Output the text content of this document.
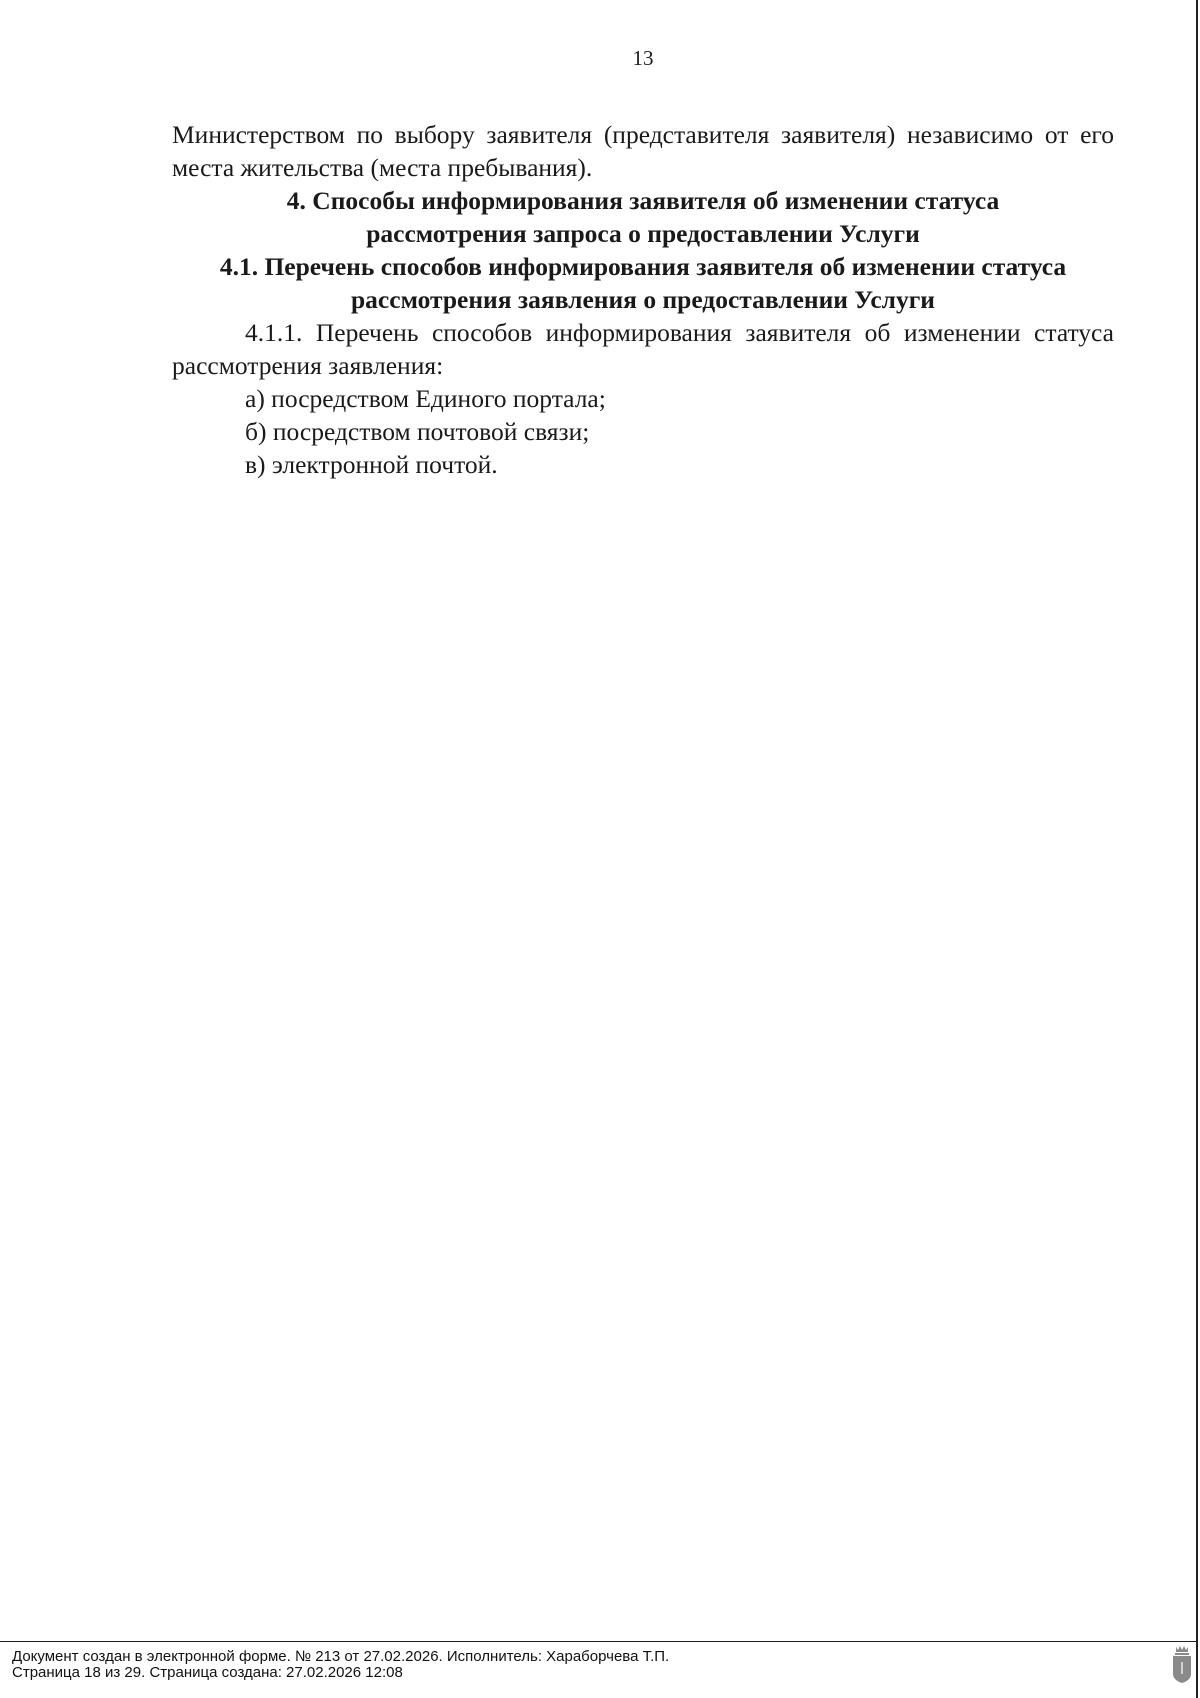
13

Министерством по выбору заявителя (представителя заявителя) независимо от его места жительства (места пребывания).

4. Способы информирования заявителя об изменении статуса рассмотрения запроса о предоставлении Услуги

4.1. Перечень способов информирования заявителя об изменении статуса рассмотрения заявления о предоставлении Услуги

4.1.1. Перечень способов информирования заявителя об изменении статуса рассмотрения заявления:

а) посредством Единого портала;

б) посредством почтовой связи;

в) электронной почтой.

Документ создан в электронной форме. № 213 от 27.02.2026. Исполнитель: Хараборчева Т.П.
Страница 18 из 29. Страница создана: 27.02.2026 12:08
